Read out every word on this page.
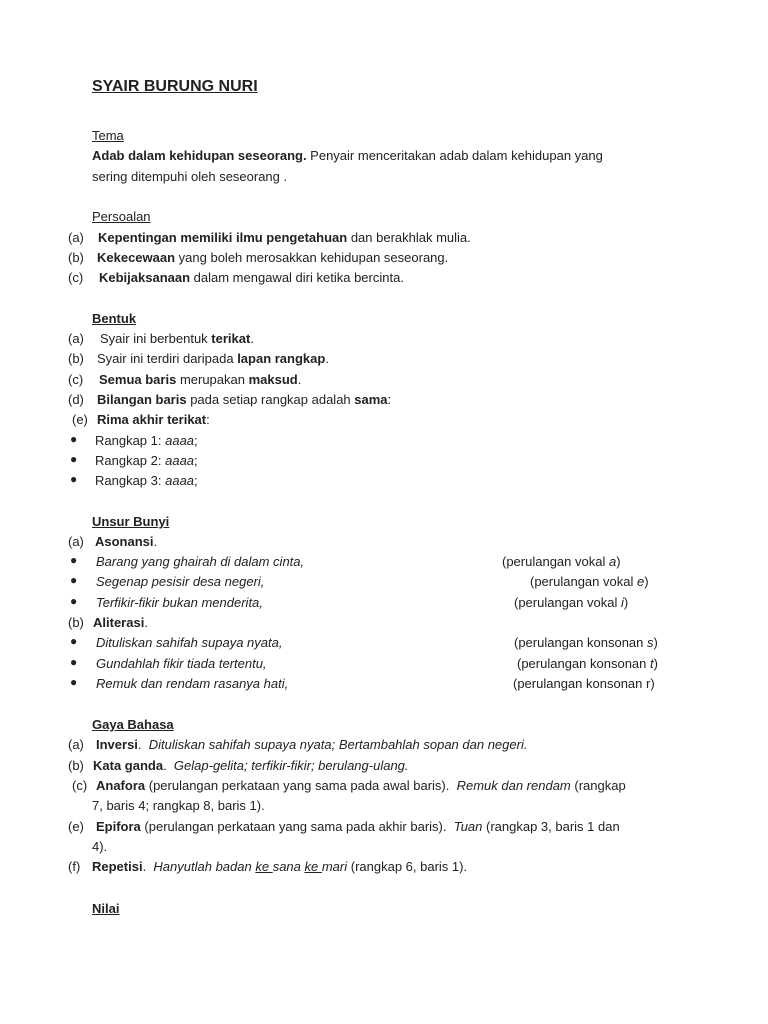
SYAIR BURUNG NURI
Tema
Adab dalam kehidupan seseorang. Penyair menceritakan adab dalam kehidupan yang
sering ditempuhi oleh seseorang .
Persoalan
(a) Kepentingan memiliki ilmu pengetahuan dan berakhlak mulia.
(b) Kekecewaan yang boleh merosakkan kehidupan seseorang.
(c) Kebijaksanaan dalam mengawal diri ketika bercinta.
Bentuk
(a) Syair ini berbentuk terikat.
(b) Syair ini terdiri daripada lapan rangkap.
(c) Semua baris merupakan maksud.
(d) Bilangan baris pada setiap rangkap adalah sama:
(e) Rima akhir terikat:
● Rangkap 1: aaaa;
● Rangkap 2: aaaa;
● Rangkap 3: aaaa;
Unsur Bunyi
(a) Asonansi.
● Barang yang ghairah di dalam cinta,	(perulangan vokal a)
● Segenap pesisir desa negeri,	(perulangan vokal e)
● Terfikir-fikir bukan menderita,	(perulangan vokal i)
(b) Aliterasi.
● Dituliskan sahifah supaya nyata,	(perulangan konsonan s)
● Gundahlah fikir tiada tertentu,	(perulangan konsonan t)
● Remuk dan rendam rasanya hati,	(perulangan konsonan r)
Gaya Bahasa
(a) Inversi.  Dituliskan sahifah supaya nyata; Bertambahlah sopan dan negeri.
(b) Kata ganda.  Gelap-gelita; terfikir-fikir; berulang-ulang.
(c) Anafora (perulangan perkataan yang sama pada awal baris).  Remuk dan rendam (rangkap
7, baris 4; rangkap 8, baris 1).
(e) Epifora (perulangan perkataan yang sama pada akhir baris).  Tuan (rangkap 3, baris 1 dan
4).
(f) Repetisi.  Hanyutlah badan ke sana ke mari (rangkap 6, baris 1).
Nilai
